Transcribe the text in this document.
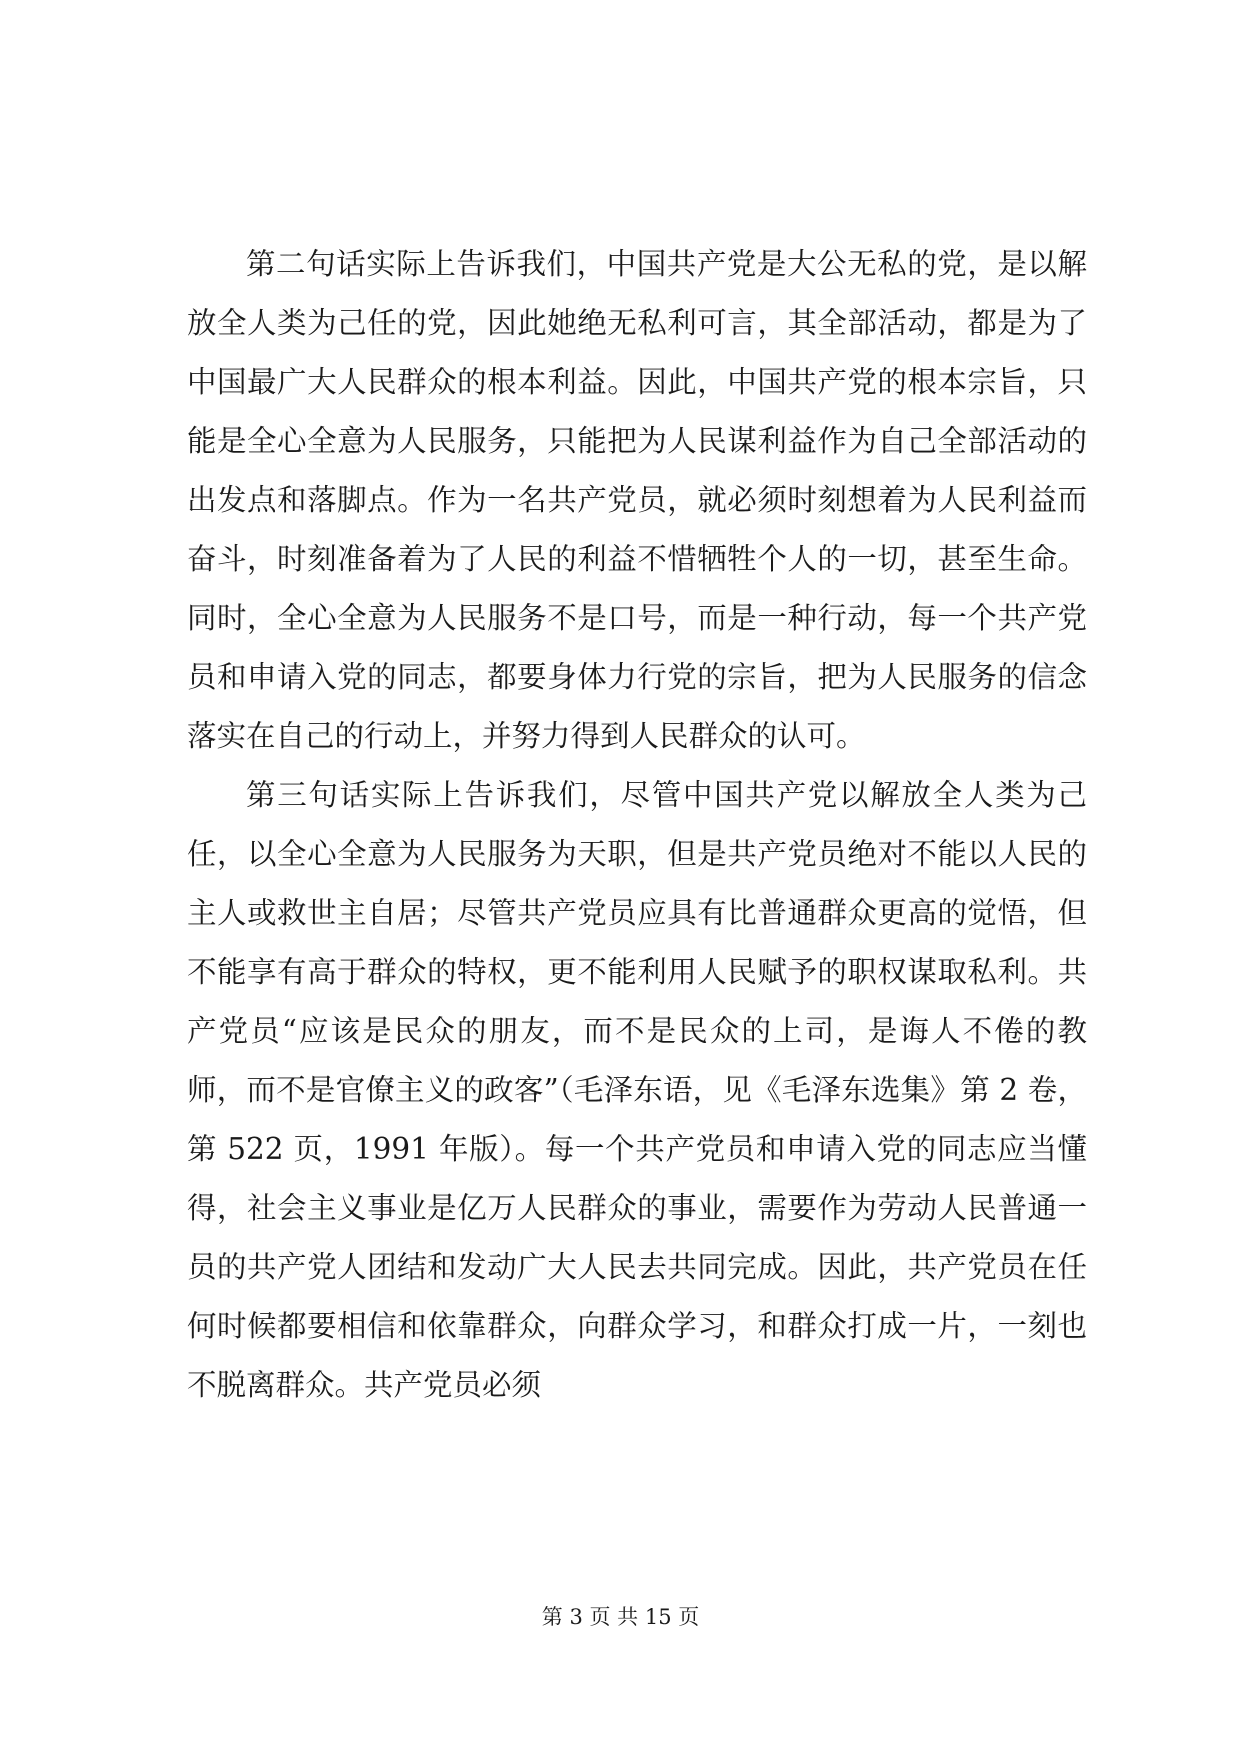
第二句话实际上告诉我们，中国共产党是大公无私的党，是以解放全人类为己任的党，因此她绝无私利可言，其全部活动，都是为了中国最广大人民群众的根本利益。因此，中国共产党的根本宗旨，只能是全心全意为人民服务，只能把为人民谋利益作为自己全部活动的出发点和落脚点。作为一名共产党员，就必须时刻想着为人民利益而奋斗，时刻准备着为了人民的利益不惜牺牲个人的一切，甚至生命。同时，全心全意为人民服务不是口号，而是一种行动，每一个共产党员和申请入党的同志，都要身体力行党的宗旨，把为人民服务的信念落实在自己的行动上，并努力得到人民群众的认可。

第三句话实际上告诉我们，尽管中国共产党以解放全人类为己任，以全心全意为人民服务为天职，但是共产党员绝对不能以人民的主人或救世主自居；尽管共产党员应具有比普通群众更高的觉悟，但不能享有高于群众的特权，更不能利用人民赋予的职权谋取私利。共产党员“应该是民众的朋友，而不是民众的上司，是诲人不倦的教师，而不是官僚主义的政客”（毛泽东语，见《毛泽东选集》第 2 卷，第 522 页，1991 年版）。每一个共产党员和申请入党的同志应当懂得，社会主义事业是亿万人民群众的事业，需要作为劳动人民普通一员的共产党人团结和发动广大人民去共同完成。因此，共产党员在任何时候都要相信和依靠群众，向群众学习，和群众打成一片，一刻也不脱离群众。共产党员必须

第 3 页 共 15 页
